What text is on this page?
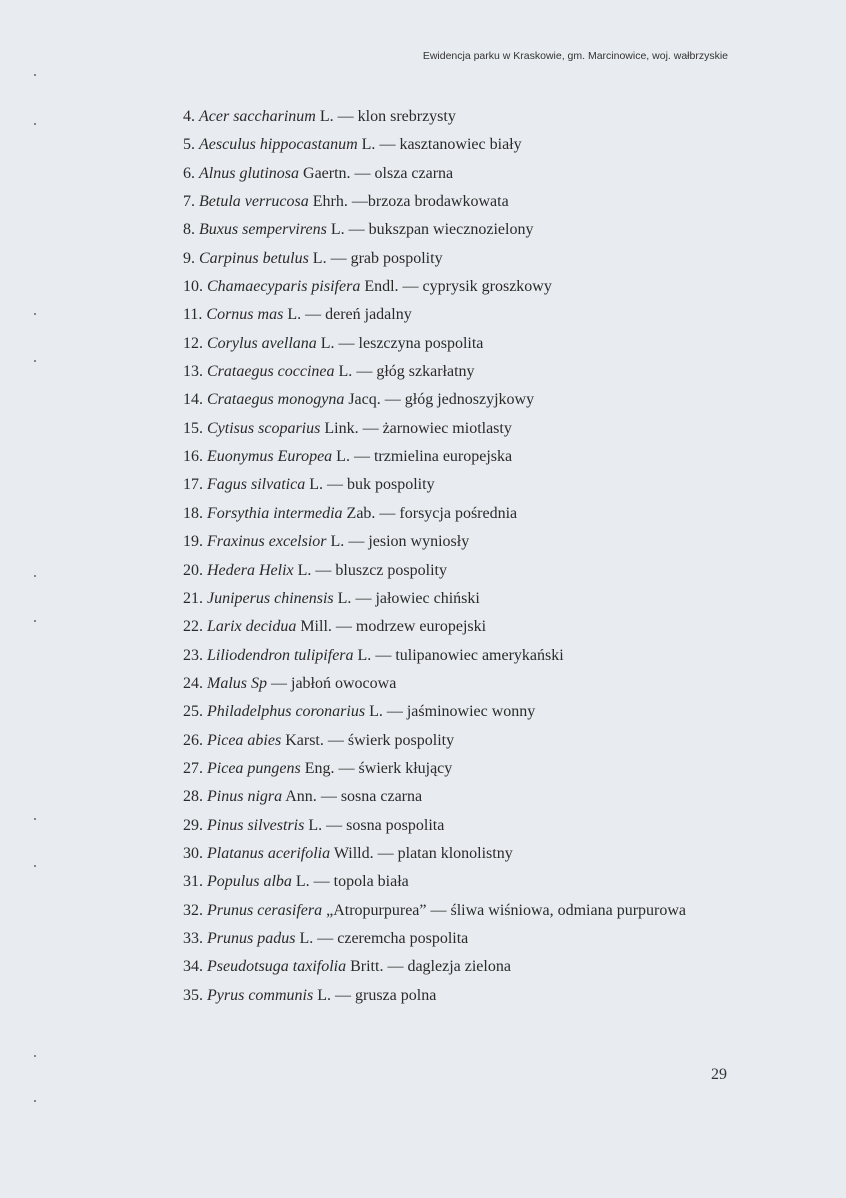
Ewidencja parku w Kraskowie, gm. Marcinowice, woj. wałbrzyskie
4. Acer saccharinum L. — klon srebrzysty
5. Aesculus hippocastanum L. — kasztanowiec biały
6. Alnus glutinosa Gaertn. — olsza czarna
7. Betula verrucosa Ehrh. —brzoza brodawkowata
8. Buxus sempervirens L. — bukszpan wiecznozielony
9. Carpinus betulus L. — grab pospolity
10. Chamaecyparis pisifera Endl. — cyprysik groszkowy
11. Cornus mas L. — dereń jadalny
12. Corylus avellana L. — leszczyna pospolita
13. Crataegus coccinea L. — głóg szkarłatny
14. Crataegus monogyna Jacq. — głóg jednoszyjkowy
15. Cytisus scoparius Link. — żarnowiec miotlasty
16. Euonymus Europea L. — trzmielina europejska
17. Fagus silvatica L. — buk pospolity
18. Forsythia intermedia Zab. — forsycja pośrednia
19. Fraxinus excelsior L. — jesion wyniosły
20. Hedera Helix L. — bluszcz pospolity
21. Juniperus chinensis L. — jałowiec chiński
22. Larix decidua Mill. — modrzew europejski
23. Liliodendron tulipifera L. — tulipanowiec amerykański
24. Malus Sp — jabłoń owocowa
25. Philadelphus coronarius L. — jaśminowiec wonny
26. Picea abies Karst. — świerk pospolity
27. Picea pungens Eng. — świerk kłujący
28. Pinus nigra Ann. — sosna czarna
29. Pinus silvestris L. — sosna pospolita
30. Platanus acerifolia Willd. — platan klonolistny
31. Populus alba L. — topola biała
32. Prunus cerasifera „Atropurpurea” — śliwa wiśniowa, odmiana purpurowa
33. Prunus padus L. — czeremcha pospolita
34. Pseudotsuga taxifolia Britt. — daglezja zielona
35. Pyrus communis L. — grusza polna
29
